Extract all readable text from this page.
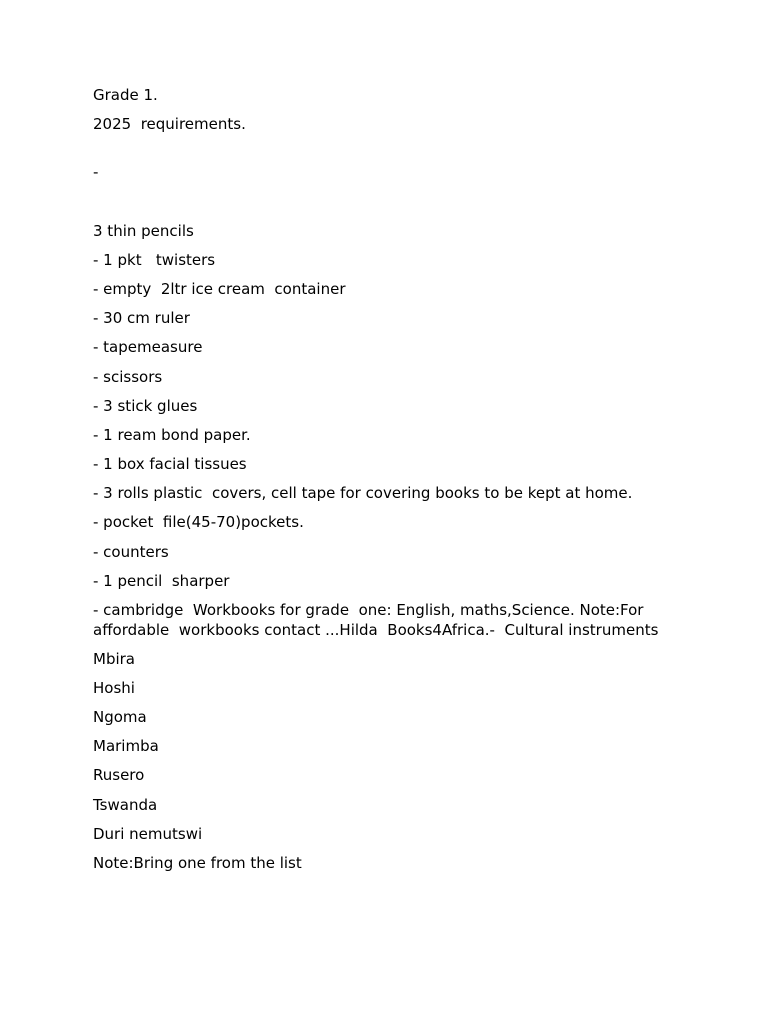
Grade 1.
2025  requirements.
-
3 thin pencils
- 1 pkt   twisters
- empty  2ltr ice cream  container
- 30 cm ruler
- tapemeasure
- scissors
- 3 stick glues
- 1 ream bond paper.
- 1 box facial tissues
- 3 rolls plastic  covers, cell tape for covering books to be kept at home.
- pocket  file(45-70)pockets.
- counters
- 1 pencil  sharper
- cambridge  Workbooks for grade  one: English, maths,Science. Note:For affordable  workbooks contact ...Hilda  Books4Africa.-  Cultural instruments
Mbira
Hoshi
Ngoma
Marimba
Rusero
Tswanda
Duri nemutswi
Note:Bring one from the list
